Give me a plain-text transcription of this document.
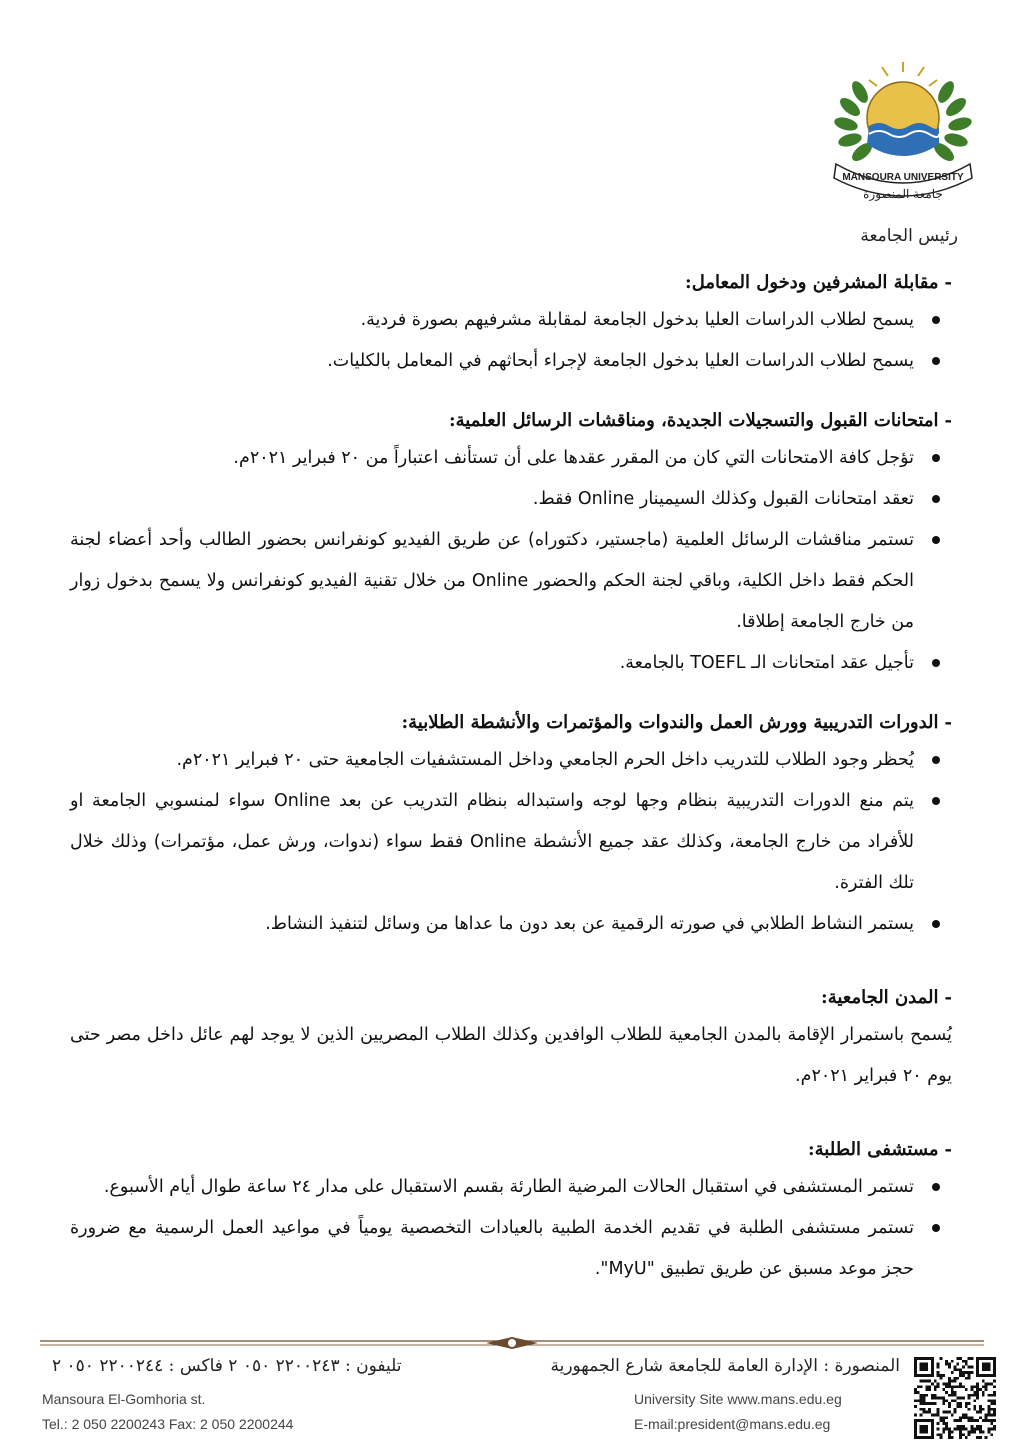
MANSOURA UNIVERSITY
جامعة المنصورة
رئيس الجامعة
-مقابلة المشرفين ودخول المعامل:
يسمح لطلاب الدراسات العليا بدخول الجامعة لمقابلة مشرفيهم بصورة فردية.
يسمح لطلاب الدراسات العليا بدخول الجامعة لإجراء أبحاثهم في المعامل بالكليات.
-امتحانات القبول والتسجيلات الجديدة، ومناقشات الرسائل العلمية:
تؤجل كافة الامتحانات التي كان من المقرر عقدها على أن تستأنف اعتباراً من ٢٠ فبراير ٢٠٢١م.
تعقد امتحانات القبول وكذلك السيمينار Online فقط.
تستمر مناقشات الرسائل العلمية (ماجستير، دكتوراه) عن طريق الفيديو كونفرانس بحضور الطالب وأحد أعضاء لجنة الحكم فقط داخل الكلية، وباقي لجنة الحكم والحضور Online من خلال تقنية الفيديو كونفرانس ولا يسمح بدخول زوار من خارج الجامعة إطلاقا.
تأجيل عقد امتحانات الـ TOEFL بالجامعة.
-الدورات التدريبية وورش العمل والندوات والمؤتمرات والأنشطة الطلابية:
يُحظر وجود الطلاب للتدريب داخل الحرم الجامعي وداخل المستشفيات الجامعية حتى ٢٠ فبراير ٢٠٢١م.
يتم منع الدورات التدريبية بنظام وجها لوجه واستبداله بنظام التدريب عن بعد Online سواء لمنسوبي الجامعة او للأفراد من خارج الجامعة، وكذلك عقد جميع الأنشطة Online فقط سواء (ندوات، ورش عمل، مؤتمرات) وذلك خلال تلك الفترة.
يستمر النشاط الطلابي في صورته الرقمية عن بعد دون ما عداها من وسائل لتنفيذ النشاط.
-المدن الجامعية:

يُسمح باستمرار الإقامة بالمدن الجامعية للطلاب الوافدين وكذلك الطلاب المصريين الذين لا يوجد لهم عائل داخل مصر حتى يوم ٢٠ فبراير ٢٠٢١م.

-مستشفى الطلبة:
تستمر المستشفى في استقبال الحالات المرضية الطارئة بقسم الاستقبال على مدار ٢٤ ساعة طوال أيام الأسبوع.
تستمر مستشفى الطلبة في تقديم الخدمة الطبية بالعيادات التخصصية يومياً في مواعيد العمل الرسمية مع ضرورة حجز موعد مسبق عن طريق تطبيق "MyU".
المنصورة : الإدارة العامة للجامعة شارع الجمهورية
تليفون : ٢٢٠٠٢٤٣ ٠٥٠ ٢ فاكس : ٢٢٠٠٢٤٤ ٠٥٠ ٢
Mansoura El-Gomhoria st.
Tel.: 2 050 2200243 Fax: 2 050 2200244
University Site www.mans.edu.eg
E-mail:president@mans.edu.eg
